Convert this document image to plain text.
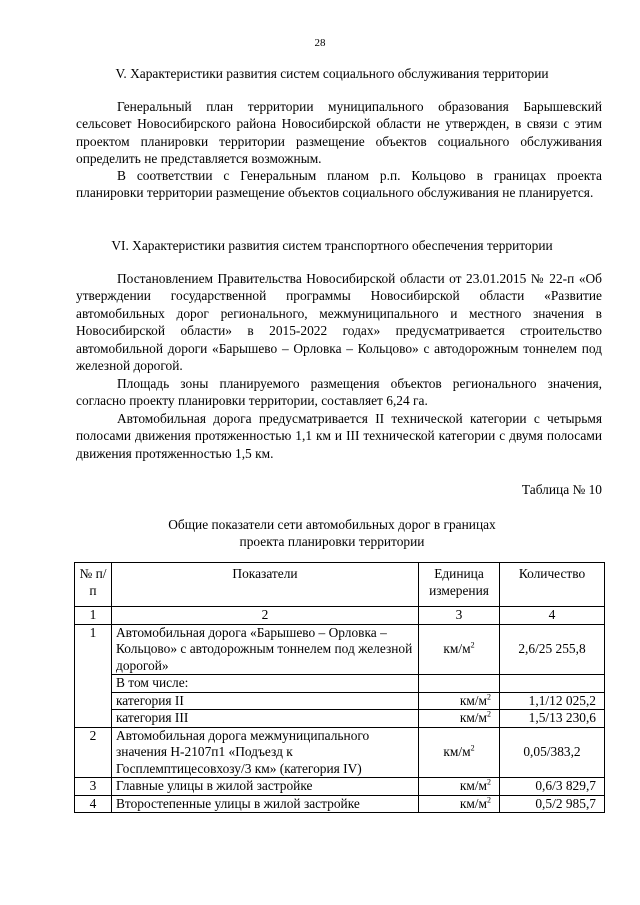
28
V. Характеристики развития систем социального обслуживания территории

Генеральный план территории муниципального образования Барышевский сельсовет Новосибирского района Новосибирской области не утвержден, в связи с этим проектом планировки территории размещение объектов социального обслуживания определить не представляется возможным.

В соответствии с Генеральным планом р.п. Кольцово в границах проекта планировки территории размещение объектов социального обслуживания не планируется.

VI. Характеристики развития систем транспортного обеспечения территории

Постановлением Правительства Новосибирской области от 23.01.2015 № 22-п «Об утверждении государственной программы Новосибирской области «Развитие автомобильных дорог регионального, межмуниципального и местного значения в Новосибирской области» в 2015-2022 годах» предусматривается строительство автомобильной дороги «Барышево – Орловка – Кольцово» с автодорожным тоннелем под железной дорогой.

Площадь зоны планируемого размещения объектов регионального значения, согласно проекту планировки территории, составляет 6,24 га.

Автомобильная дорога предусматривается II технической категории с четырьмя полосами движения протяженностью 1,1 км и III технической категории с двумя полосами движения протяженностью 1,5 км.

Таблица № 10
Общие показатели сети автомобильных дорог в границах
проекта планировки территории
№ п/п	Показатели	Единица измерения	Количество
1	2	3	4
1	Автомобильная дорога «Барышево – Орловка – Кольцово» с автодорожным тоннелем под железной дорогой»	$км/м^2$	2,6/25 255,8
	В том числе:		
	категория II	$км/м^2$	1,1/12 025,2
	категория III	$км/м^2$	1,5/13 230,6
2	Автомобильная дорога межмуниципального значения Н-2107п1 «Подъезд к Госплемптицесовхозу/3 км» (категория IV)	$км/м^2$	0,05/383,2
3	Главные улицы в жилой застройке	$км/м^2$	0,6/3 829,7
4	Второстепенные улицы в жилой застройке	$км/м^2$	0,5/2 985,7
